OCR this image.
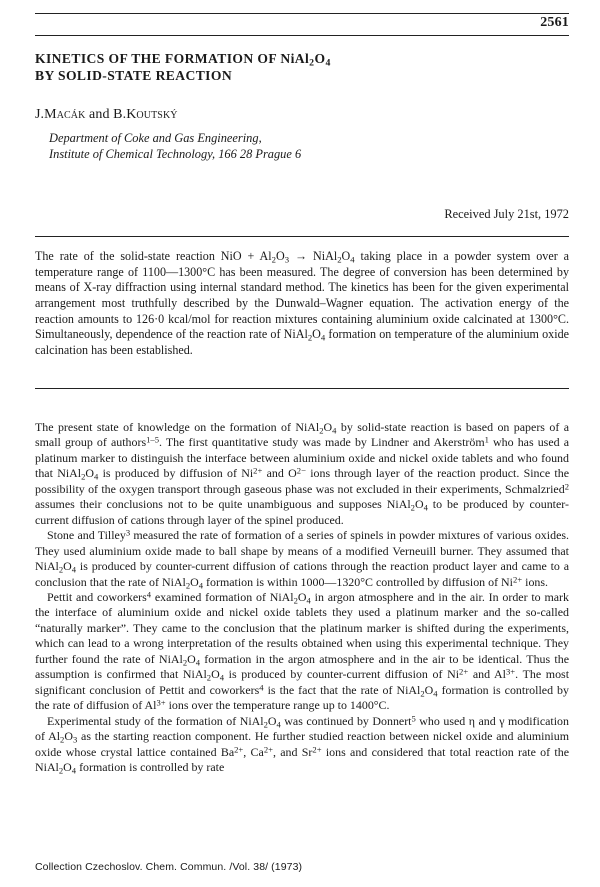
2561
KINETICS OF THE FORMATION OF $NiAl_2O_4$
BY SOLID-STATE REACTION
J.Macák and B.Koutský
Department of Coke and Gas Engineering,
Institute of Chemical Technology, 166 28 Prague 6
Received July 21st, 1972
The rate of the solid-state reaction NiO + $Al_2O_3$ → $NiAl_2O_4$ taking place in a powder system over a temperature range of 1100—1300°C has been measured. The degree of conversion has been determined by means of X-ray diffraction using internal standard method. The kinetics has been for the given experimental arrangement most truthfully described by the Dunwald–Wagner equation. The activation energy of the reaction amounts to 126·0 kcal/mol for reaction mixtures containing aluminium oxide calcinated at 1300°C. Simultaneously, dependence of the reaction rate of $NiAl_2O_4$ formation on temperature of the aluminium oxide calcination has been established.

The present state of knowledge on the formation of $NiAl_2O_4$ by solid-state reaction is based on papers of a small group of authors$^{1-5}$. The first quantitative study was made by Lindner and Akerström$^1$ who has used a platinum marker to distinguish the interface between aluminium oxide and nickel oxide tablets and who found that $NiAl_2O_4$ is produced by diffusion of $Ni^{2+}$ and $O^{2-}$ ions through layer of the reaction product. Since the possibility of the oxygen transport through gaseous phase was not excluded in their experiments, Schmalzried$^2$ assumes their conclusions not to be quite unambiguous and supposes $NiAl_2O_4$ to be produced by counter-current diffusion of cations through layer of the spinel produced.

Stone and Tilley$^3$ measured the rate of formation of a series of spinels in powder mixtures of various oxides. They used aluminium oxide made to ball shape by means of a modified Verneuill burner. They assumed that $NiAl_2O_4$ is produced by counter-current diffusion of cations through the reaction product layer and came to a conclusion that the rate of $NiAl_2O_4$ formation is within 1000—1320°C controlled by diffusion of $Ni^{2+}$ ions.

Pettit and coworkers$^4$ examined formation of $NiAl_2O_4$ in argon atmosphere and in the air. In order to mark the interface of aluminium oxide and nickel oxide tablets they used a platinum marker and the so-called “naturally marker”. They came to the conclusion that the platinum marker is shifted during the experiments, which can lead to a wrong interpretation of the results obtained when using this experimental technique. They further found the rate of $NiAl_2O_4$ formation in the argon atmosphere and in the air to be identical. Thus the assumption is confirmed that $NiAl_2O_4$ is produced by counter-current diffusion of $Ni^{2+}$ and $Al^{3+}$. The most significant conclusion of Pettit and coworkers$^4$ is the fact that the rate of $NiAl_2O_4$ formation is controlled by the rate of diffusion of $Al^{3+}$ ions over the temperature range up to 1400°C.

Experimental study of the formation of $NiAl_2O_4$ was continued by Donnert$^5$ who used η and γ modification of $Al_2O_3$ as the starting reaction component. He further studied reaction between nickel oxide and aluminium oxide whose crystal lattice contained $Ba^{2+}$, $Ca^{2+}$, and $Sr^{2+}$ ions and considered that total reaction rate of the $NiAl_2O_4$ formation is controlled by rate

Collection Czechoslov. Chem. Commun. /Vol. 38/ (1973)
